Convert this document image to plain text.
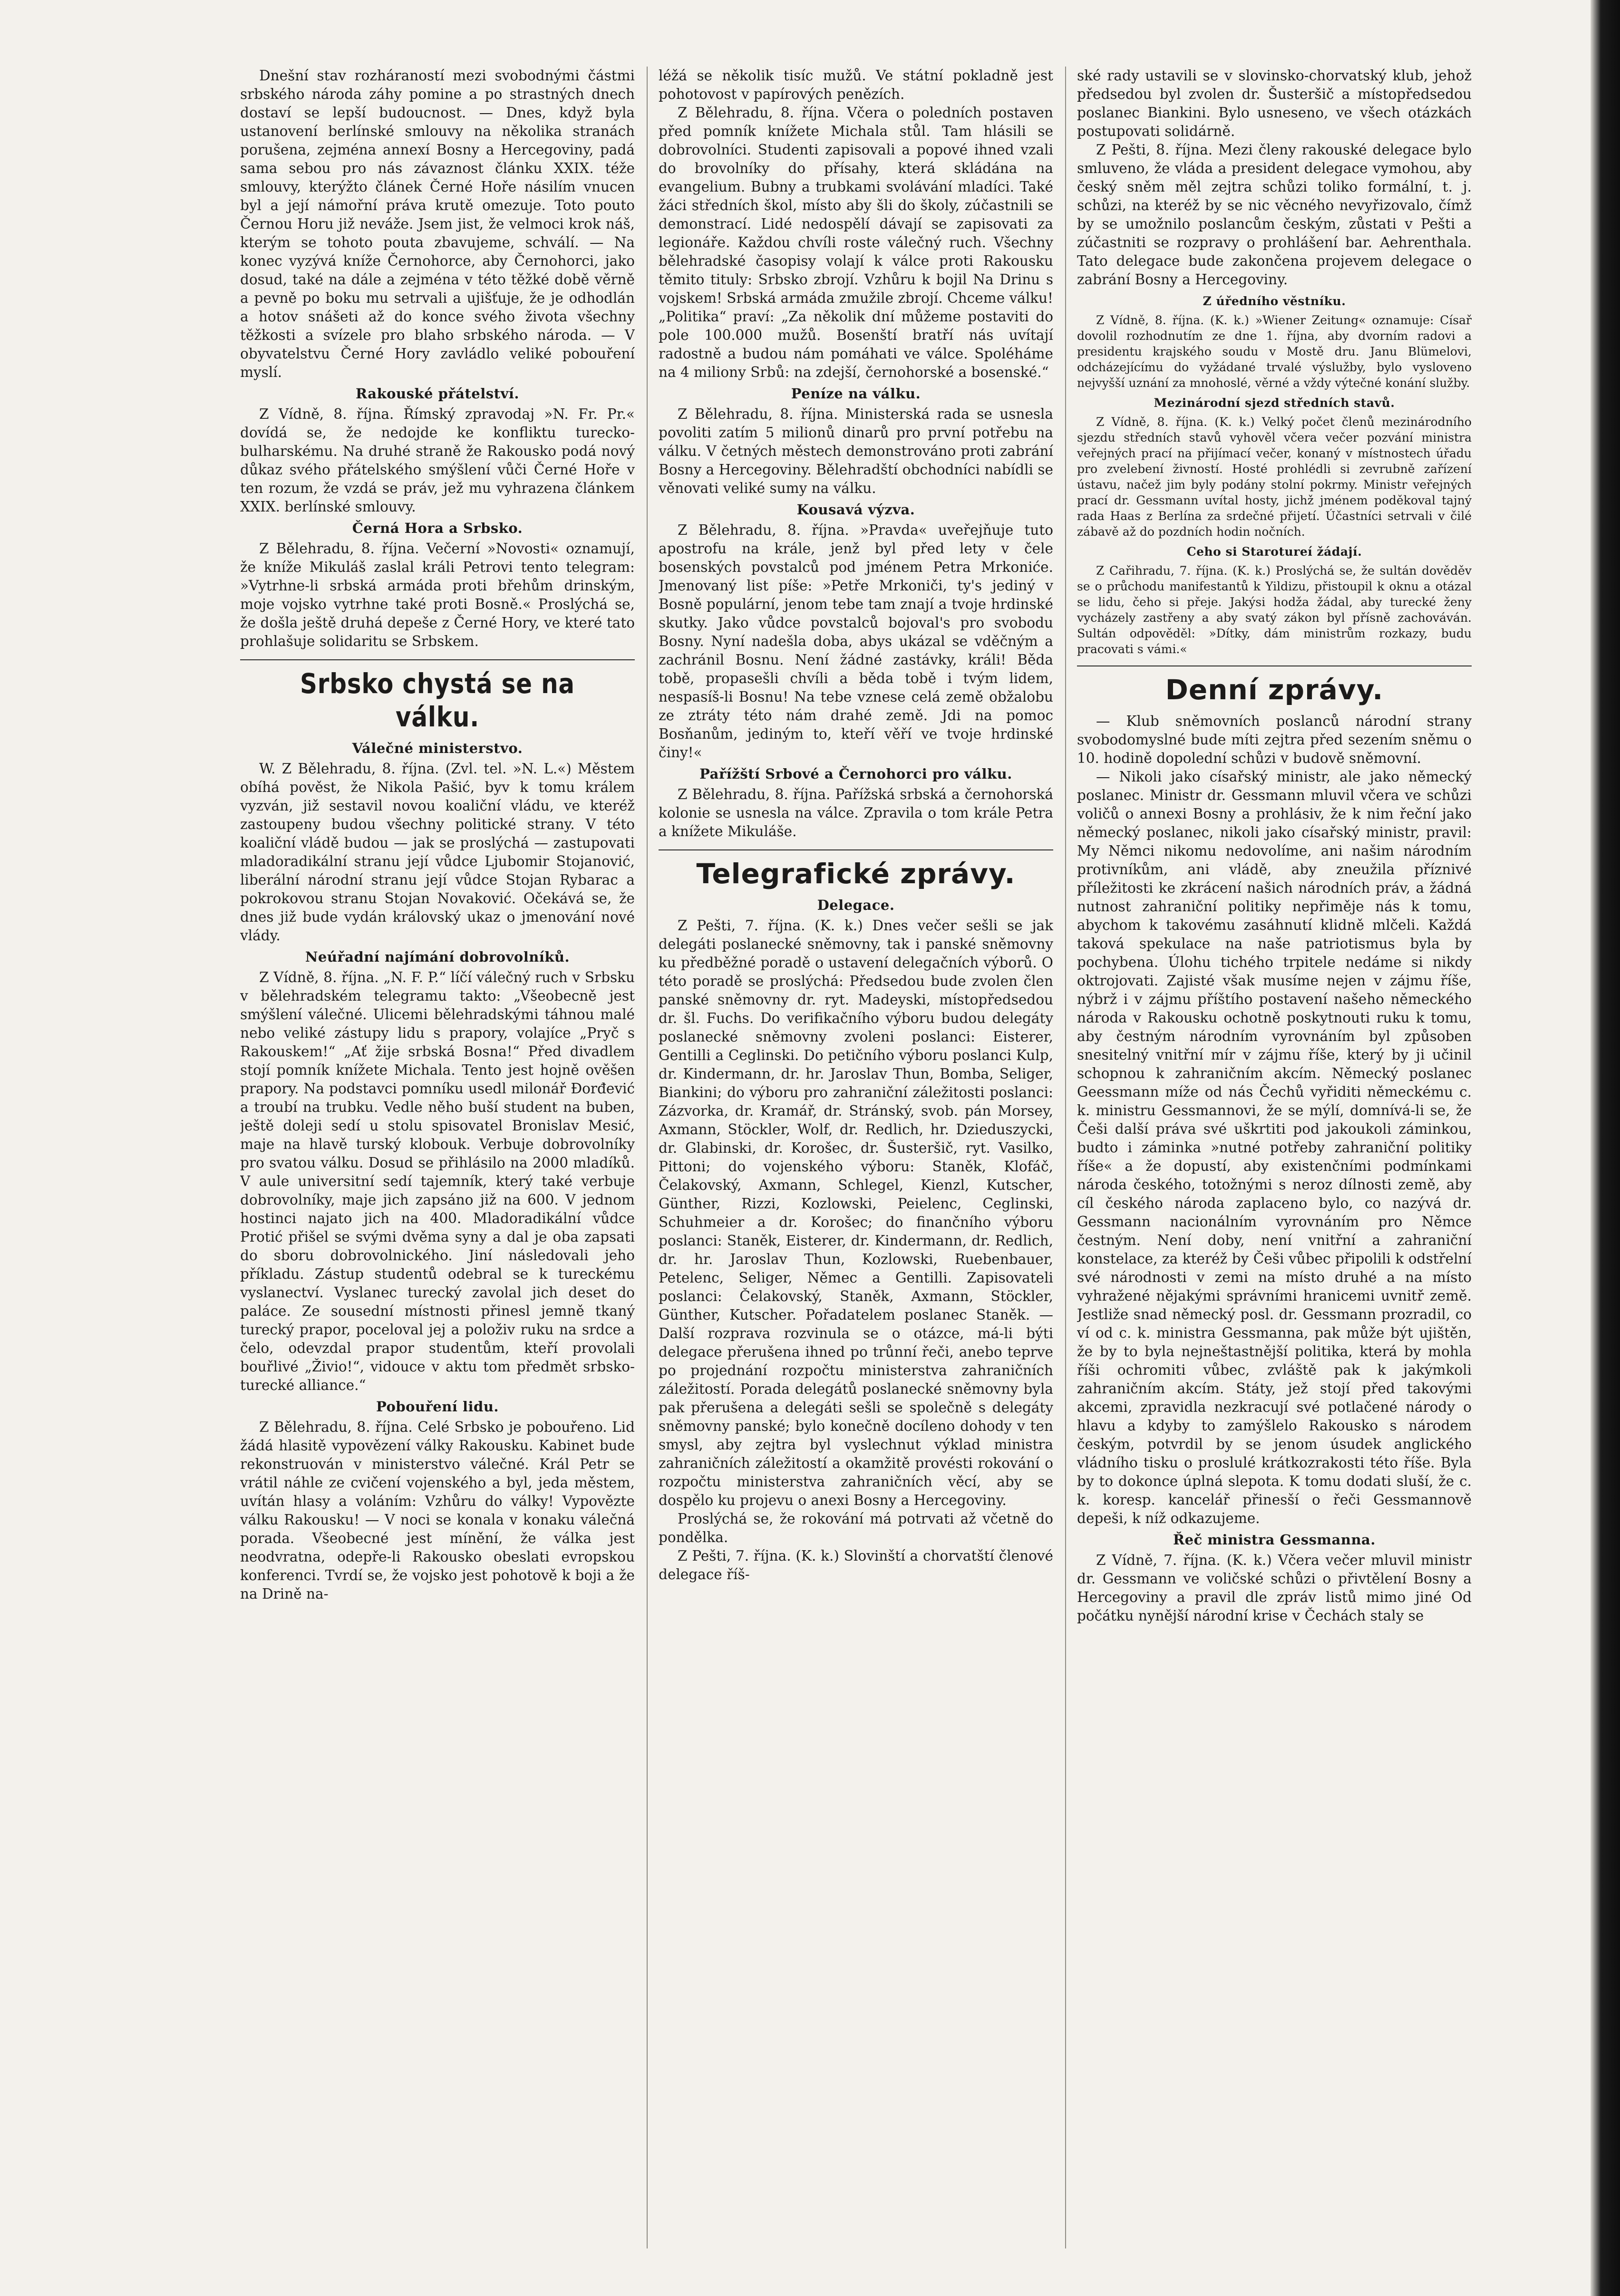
Dnešní stav rozháraností mezi svobodnými částmi srbského národa záhy pomine a po strastných dnech dostaví se lepší budoucnost. — Dnes, když byla ustanovení berlínské smlouvy na několika stranách porušena, zejména annexí Bosny a Hercegoviny, padá sama sebou pro nás závaznost článku XXIX. téže smlouvy, kterýžto článek Černé Hoře násilím vnucen byl a její námořní práva krutě omezuje. Toto pouto Černou Horu již neváže. Jsem jist, že velmoci krok náš, kterým se tohoto pouta zbavujeme, schválí. — Na konec vyzývá kníže Černohorce, aby Černohorci, jako dosud, také na dále a zejména v této těžké době věrně a pevně po boku mu setrvali a ujišťuje, že je odhodlán a hotov snášeti až do konce svého života všechny těžkosti a svízele pro blaho srbského národa. — V obyvatelstvu Černé Hory zavládlo veliké pobouření myslí.

Rakouské přátelství.

Z Vídně, 8. října. Římský zpravodaj »N. Fr. Pr.« dovídá se, že nedojde ke konfliktu turecko-bulharskému. Na druhé straně že Rakousko podá nový důkaz svého přátelského smýšlení vůči Černé Hoře v ten rozum, že vzdá se práv, jež mu vyhrazena článkem XXIX. berlínské smlouvy.

Černá Hora a Srbsko.

Z Bělehradu, 8. října. Večerní »Novosti« oznamují, že kníže Mikuláš zaslal králi Petrovi tento telegram: »Vytrhne-li srbská armáda proti břehům drinským, moje vojsko vytrhne také proti Bosně.« Proslýchá se, že došla ještě druhá depeše z Černé Hory, ve které tato prohlašuje solidaritu se Srbskem.

Srbsko chystá se na válku.
Válečné ministerstvo.

W. Z Bělehradu, 8. října. (Zvl. tel. »N. L.«) Městem obíhá pověst, že Nikola Pašić, byv k tomu králem vyzván, již sestavil novou koaliční vládu, ve kteréž zastoupeny budou všechny politické strany. V této koaliční vládě budou — jak se proslýchá — zastupovati mladoradikální stranu její vůdce Ljubomir Stojanović, liberální národní stranu její vůdce Stojan Rybarac a pokrokovou stranu Stojan Novaković. Očekává se, že dnes již bude vydán královský ukaz o jmenování nové vlády.

Neúřadní najímání dobrovolníků.

Z Vídně, 8. října. „N. F. P.“ líčí válečný ruch v Srbsku v bělehradském telegramu takto: „Všeobecně jest smýšlení válečné. Ulicemi bělehradskými táhnou malé nebo veliké zástupy lidu s prapory, volajíce „Pryč s Rakouskem!“ „Ať žije srbská Bosna!“ Před divadlem stojí pomník knížete Michala. Tento jest hojně ověšen prapory. Na podstavci pomníku usedl milonář Đorđević a troubí na trubku. Vedle něho buší student na buben, ještě doleji sedí u stolu spisovatel Bronislav Mesić, maje na hlavě turský klobouk. Verbuje dobrovolníky pro svatou válku. Dosud se přihlásilo na 2000 mladíků. V aule universitní sedí tajemník, který také verbuje dobrovolníky, maje jich zapsáno již na 600. V jednom hostinci najato jich na 400. Mladoradikální vůdce Protić přišel se svými dvěma syny a dal je oba zapsati do sboru dobrovolnického. Jiní následovali jeho příkladu. Zástup studentů odebral se k tureckému vyslanectví. Vyslanec turecký zavolal jich deset do paláce. Ze sousední místnosti přinesl jemně tkaný turecký prapor, poceloval jej a položiv ruku na srdce a čelo, odevzdal prapor studentům, kteří provolali bouřlivé „Živio!“, vidouce v aktu tom předmět srbsko-turecké alliance.“

Pobouření lidu.

Z Bělehradu, 8. října. Celé Srbsko je pobouřeno. Lid žádá hlasitě vypovězení války Rakousku. Kabinet bude rekonstruován v ministerstvo válečné. Král Petr se vrátil náhle ze cvičení vojenského a byl, jeda městem, uvítán hlasy a voláním: Vzhůru do války! Vypovězte válku Rakousku! — V noci se konala v konaku válečná porada. Všeobecné jest mínění, že válka jest neodvratna, odepře-li Rakousko obeslati evropskou konferenci. Tvrdí se, že vojsko jest pohotově k boji a že na Drině na-

léžá se několik tisíc mužů. Ve státní pokladně jest pohotovost v papírových penězích.

Z Bělehradu, 8. října. Včera o poledních postaven před pomník knížete Michala stůl. Tam hlásili se dobrovolníci. Studenti zapisovali a popové ihned vzali do brovolníky do přísahy, která skládána na evangelium. Bubny a trubkami svolávání mladíci. Také žáci středních škol, místo aby šli do školy, zúčastnili se demonstrací. Lidé nedospělí dávají se zapisovati za legionáře. Každou chvíli roste válečný ruch. Všechny bělehradské časopisy volají k válce proti Rakousku těmito tituly: Srbsko zbrojí. Vzhůru k bojil Na Drinu s vojskem! Srbská armáda zmužile zbrojí. Chceme válku! „Politika“ praví: „Za několik dní můžeme postaviti do pole 100.000 mužů. Bosenští bratří nás uvítají radostně a budou nám pomáhati ve válce. Spoléháme na 4 miliony Srbů: na zdejší, černohorské a bosenské.“

Peníze na válku.

Z Bělehradu, 8. října. Ministerská rada se usnesla povoliti zatím 5 milionů dinarů pro první potřebu na válku. V četných městech demonstrováno proti zabrání Bosny a Hercegoviny. Bělehradští obchodníci nabídli se věnovati veliké sumy na válku.

Kousavá výzva.

Z Bělehradu, 8. října. »Pravda« uveřejňuje tuto apostrofu na krále, jenž byl před lety v čele bosenských povstalců pod jménem Petra Mrkoniće. Jmenovaný list píše: »Petře Mrkoniči, ty's jediný v Bosně populární, jenom tebe tam znají a tvoje hrdinské skutky. Jako vůdce povstalců bojoval's pro svobodu Bosny. Nyní nadešla doba, abys ukázal se vděčným a zachránil Bosnu. Není žádné zastávky, králi! Běda tobě, propasešli chvíli a běda tobě i tvým lidem, nespasíš-li Bosnu! Na tebe vznese celá země obžalobu ze ztráty této nám drahé země. Jdi na pomoc Bosňanům, jediným to, kteří věří ve tvoje hrdinské činy!«

Pařížští Srbové a Černohorci pro válku.

Z Bělehradu, 8. října. Pařížská srbská a černohorská kolonie se usnesla na válce. Zpravila o tom krále Petra a knížete Mikuláše.

Telegrafické zprávy.
Delegace.

Z Pešti, 7. října. (K. k.) Dnes večer sešli se jak delegáti poslanecké sněmovny, tak i panské sněmovny ku předběžné poradě o ustavení delegačních výborů. O této poradě se proslýchá: Předsedou bude zvolen člen panské sněmovny dr. ryt. Madeyski, místopředsedou dr. šl. Fuchs. Do verifikačního výboru budou delegáty poslanecké sněmovny zvoleni poslanci: Eisterer, Gentilli a Ceglinski. Do petičního výboru poslanci Kulp, dr. Kindermann, dr. hr. Jaroslav Thun, Bomba, Seliger, Biankini; do výboru pro zahraniční záležitosti poslanci: Zázvorka, dr. Kramář, dr. Stránský, svob. pán Morsey, Axmann, Stöckler, Wolf, dr. Redlich, hr. Dzieduszycki, dr. Glabinski, dr. Korošec, dr. Šusteršič, ryt. Vasilko, Pittoni; do vojenského výboru: Staněk, Klofáč, Čelakovský, Axmann, Schlegel, Kienzl, Kutscher, Günther, Rizzi, Kozlowski, Peielenc, Ceglinski, Schuhmeier a dr. Korošec; do finančního výboru poslanci: Staněk, Eisterer, dr. Kindermann, dr. Redlich, dr. hr. Jaroslav Thun, Kozlowski, Ruebenbauer, Petelenc, Seliger, Němec a Gentilli. Zapisovateli poslanci: Čelakovský, Staněk, Axmann, Stöckler, Günther, Kutscher. Pořadatelem poslanec Staněk. — Další rozprava rozvinula se o otázce, má-li býti delegace přerušena ihned po trůnní řeči, anebo teprve po projednání rozpočtu ministerstva zahraničních záležitostí. Porada delegátů poslanecké sněmovny byla pak přerušena a delegáti sešli se společně s delegáty sněmovny panské; bylo konečně docíleno dohody v ten smysl, aby zejtra byl vyslechnut výklad ministra zahraničních záležitostí a okamžitě provésti rokování o rozpočtu ministerstva zahraničních věcí, aby se dospělo ku projevu o anexi Bosny a Hercegoviny.

Proslýchá se, že rokování má potrvati až včetně do pondělka.

Z Pešti, 7. října. (K. k.) Slovinští a chorvatští členové delegace říš-

ské rady ustavili se v slovinsko-chorvatský klub, jehož předsedou byl zvolen dr. Šusteršič a místopředsedou poslanec Biankini. Bylo usneseno, ve všech otázkách postupovati solidárně.

Z Pešti, 8. října. Mezi členy rakouské delegace bylo smluveno, že vláda a president delegace vymohou, aby český sněm měl zejtra schůzi toliko formální, t. j. schůzi, na kteréž by se nic věcného nevyřizovalo, čímž by se umožnilo poslancům českým, zůstati v Pešti a zúčastniti se rozpravy o prohlášení bar. Aehrenthala. Tato delegace bude zakončena projevem delegace o zabrání Bosny a Hercegoviny.

Z úředního věstníku.

Z Vídně, 8. října. (K. k.) »Wiener Zeitung« oznamuje: Císař dovolil rozhodnutím ze dne 1. října, aby dvorním radovi a presidentu krajského soudu v Mostě dru. Janu Blümelovi, odcházejícímu do vyžádané trvalé výslužby, bylo vysloveno nejvyšší uznání za mnohoslé, věrné a vždy výtečné konání služby.

Mezinárodní sjezd středních stavů.

Z Vídně, 8. října. (K. k.) Velký počet členů mezinárodního sjezdu středních stavů vyhověl včera večer pozvání ministra veřejných prací na přijímací večer, konaný v místnostech úřadu pro zvelebení živností. Hosté prohlédli si zevrubně zařízení ústavu, načež jim byly podány stolní pokrmy. Ministr veřejných prací dr. Gessmann uvítal hosty, jichž jménem poděkoval tajný rada Haas z Berlína za srdečné přijetí. Účastníci setrvali v čilé zábavě až do pozdních hodin nočních.

Ceho si Starotureí žádají.

Z Cařihradu, 7. října. (K. k.) Proslýchá se, že sultán dověděv se o průchodu manifestantů k Yildizu, přistoupil k oknu a otázal se lidu, čeho si přeje. Jakýsi hodža žádal, aby turecké ženy vycházely zastřeny a aby svatý zákon byl přísně zachováván. Sultán odpověděl: »Dítky, dám ministrům rozkazy, budu pracovati s vámi.«

Denní zprávy.

— Klub sněmovních poslanců národní strany svobodomyslné bude míti zejtra před sezením sněmu o 10. hodině dopolední schůzi v budově sněmovní.

— Nikoli jako císařský ministr, ale jako německý poslanec. Ministr dr. Gessmann mluvil včera ve schůzi voličů o annexi Bosny a prohlásiv, že k nim řeční jako německý poslanec, nikoli jako císařský ministr, pravil: My Němci nikomu nedovolíme, ani našim národním protivníkům, ani vládě, aby zneužila příznivé příležitosti ke zkrácení našich národních práv, a žádná nutnost zahraniční politiky nepřiměje nás k tomu, abychom k takovému zasáhnutí klidně mlčeli. Každá taková spekulace na naše patriotismus byla by pochybena. Úlohu tichého trpitele nedáme si nikdy oktrojovati. Zajisté však musíme nejen v zájmu říše, nýbrž i v zájmu příštího postavení našeho německého národa v Rakousku ochotně poskytnouti ruku k tomu, aby čestným národním vyrovnáním byl způsoben snesitelný vnitřní mír v zájmu říše, který by ji učinil schopnou k zahraničním akcím. Německý poslanec Geessmann míže od nás Čechů vyřiditi německému c. k. ministru Gessmannovi, že se mýlí, domnívá-li se, že Češi další práva své uškrtiti pod jakoukoli záminkou, budto i záminka »nutné potřeby zahraniční politiky říše« a že dopustí, aby existenčními podmínkami národa českého, totožnými s neroz dílnosti země, aby cíl českého národa zaplaceno bylo, co nazývá dr. Gessmann nacionálním vyrovnáním pro Němce čestným. Není doby, není vnitřní a zahraniční konstelace, za kteréž by Češi vůbec připolili k odstřelní své národnosti v zemi na místo druhé a na místo vyhražené nějakými správními hranicemi uvnitř země. Jestliže snad německý posl. dr. Gessmann prozradil, co ví od c. k. ministra Gessmanna, pak může být ujištěn, že by to byla nejneštastnější politika, která by mohla říši ochromiti vůbec, zvláště pak k jakýmkoli zahraničním akcím. Státy, jež stojí před takovými akcemi, zpravidla nezkracují své potlačené národy o hlavu a kdyby to zamýšlelo Rakousko s národem českým, potvrdil by se jenom úsudek anglického vládního tisku o proslulé krátkozrakosti této říše. Byla by to dokonce úplná slepota. K tomu dodati sluší, že c. k. koresp. kancelář přinesší o řeči Gessmannově depeši, k níž odkazujeme.

Řeč ministra Gessmanna.

Z Vídně, 7. října. (K. k.) Včera večer mluvil ministr dr. Gessmann ve voličské schůzi o přivtělení Bosny a Hercegoviny a pravil dle zpráv listů mimo jiné Od počátku nynější národní krise v Čechách staly se
